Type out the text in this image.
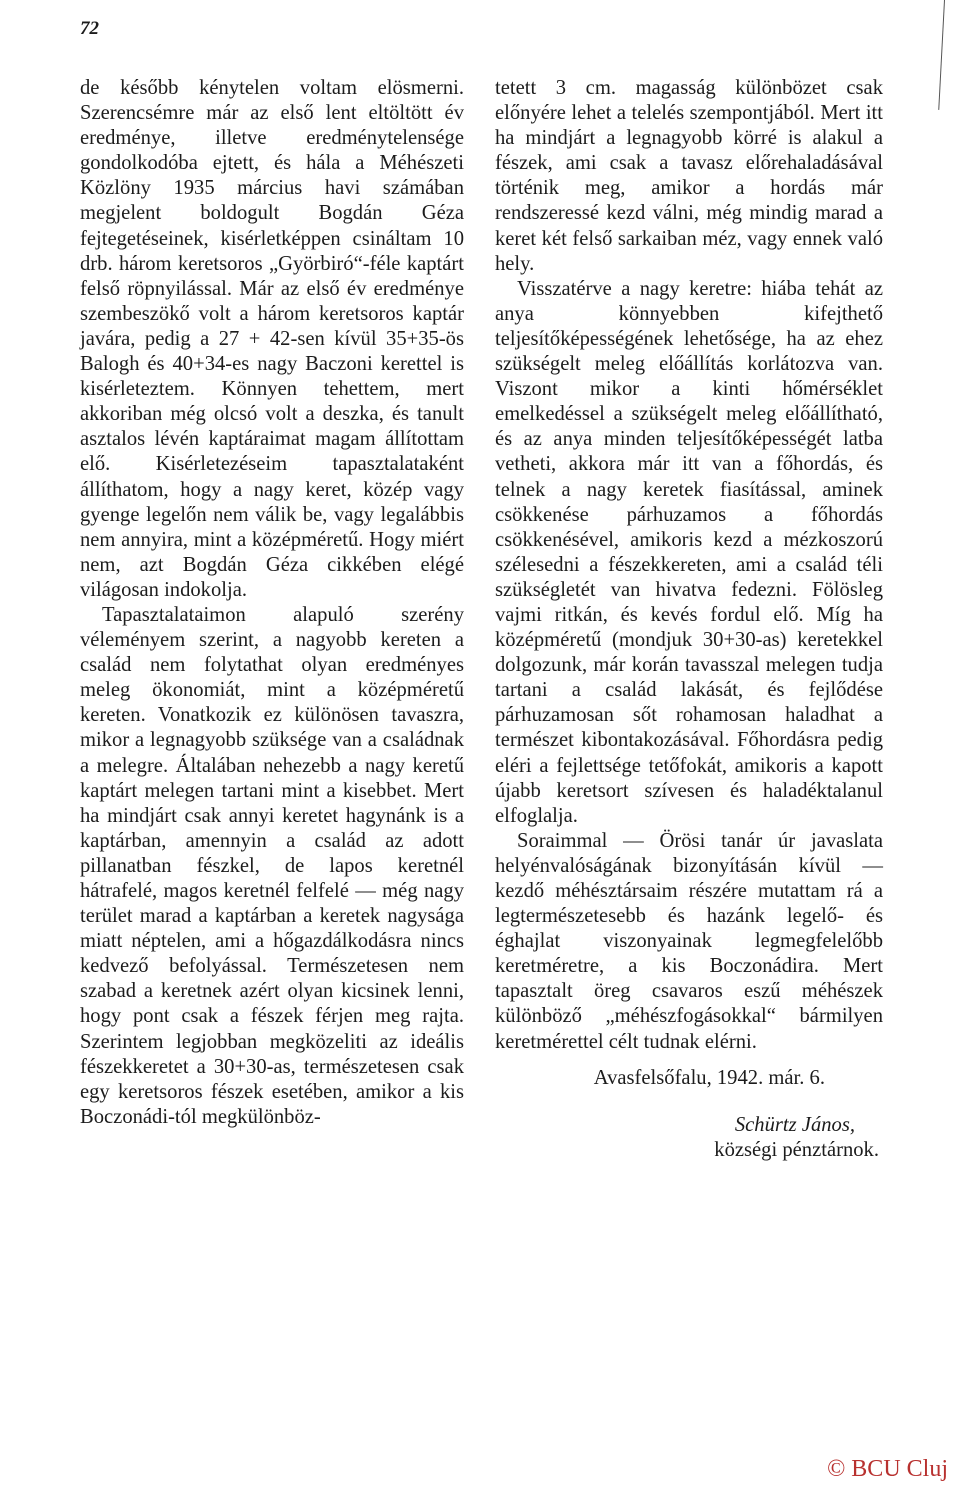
72

de később kénytelen voltam elösmerni. Szerencsémre már az első lent eltöltött év eredménye, illetve eredménytelensége gondolkodóba ejtett, és hála a Méhészeti Közlöny 1935 március havi számában megjelent boldogult Bogdán Géza fejtegetéseinek, kisérletképpen csináltam 10 drb. három keretsoros „Györbiró“-féle kaptárt felső röpnyilással. Már az első év eredménye szembeszökő volt a három keretsoros kaptár javára, pedig a 27 + 42-sen kívül 35+35-ös Balogh és 40+34-es nagy Baczoni kerettel is kisérleteztem. Könnyen tehettem, mert akkoriban még olcsó volt a deszka, és tanult asztalos lévén kaptáraimat magam állítottam elő. Kisérletezéseim tapasztalataként állíthatom, hogy a nagy keret, közép vagy gyenge legelőn nem válik be, vagy legalábbis nem annyira, mint a középméretű. Hogy miért nem, azt Bogdán Géza cikkében elégé világosan indokolja.

Tapasztalataimon alapuló szerény véleményem szerint, a nagyobb kereten a család nem folytathat olyan eredményes meleg ökonomiát, mint a középméretű kereten. Vonatkozik ez különösen tavaszra, mikor a legnagyobb szüksége van a családnak a melegre. Általában nehezebb a nagy keretű kaptárt melegen tartani mint a kisebbet. Mert ha mindjárt csak annyi keretet hagynánk is a kaptárban, amennyin a család az adott pillanatban fészkel, de lapos keretnél hátrafelé, magos keretnél felfelé — még nagy terület marad a kaptárban a keretek nagysága miatt néptelen, ami a hőgazdálkodásra nincs kedvező befolyással. Természetesen nem szabad a keretnek azért olyan kicsinek lenni, hogy pont csak a fészek férjen meg rajta. Szerintem legjobban megközeliti az ideális fészekkeretet a 30+30-as, természetesen csak egy keretsoros fészek esetében, amikor a kis Boczonádi-tól megkülönböz-

tetett 3 cm. magasság különbözet csak előnyére lehet a telelés szempontjából. Mert itt ha mindjárt a legnagyobb körré is alakul a fészek, ami csak a tavasz előrehaladásával történik meg, amikor a hordás már rendszeressé kezd válni, még mindig marad a keret két felső sarkaiban méz, vagy ennek való hely.

Visszatérve a nagy keretre: hiába tehát az anya könnyebben kifejthető teljesítőképességének lehetősége, ha az ehez szükségelt meleg előállítás korlátozva van. Viszont mikor a kinti hőmérséklet emelkedéssel a szükségelt meleg előállítható, és az anya minden teljesítőképességét latba vetheti, akkora már itt van a főhordás, és telnek a nagy keretek fiasítással, aminek csökkenése párhuzamos a főhordás csökkenésével, amikoris kezd a mézkoszorú szélesedni a fészekkereten, ami a család téli szükségletét van hivatva fedezni. Fölösleg vajmi ritkán, és kevés fordul elő. Míg ha középméretű (mondjuk 30+30-as) keretekkel dolgozunk, már korán tavasszal melegen tudja tartani a család lakását, és fejlődése párhuzamosan sőt rohamosan haladhat a természet kibontakozásával. Főhordásra pedig eléri a fejlettsége tetőfokát, amikoris a kapott újabb keretsort szívesen és haladéktalanul elfoglalja.

Soraimmal — Örösi tanár úr javaslata helyénvalóságának bizonyításán kívül — kezdő méhésztársaim részére mutattam rá a legtermészetesebb és hazánk legelő- és éghajlat viszonyainak legmegfelelőbb keretméretre, a kis Boczonádira. Mert tapasztalt öreg csavaros eszű méhészek különböző „méhészfogásokkal“ bármilyen keretmérettel célt tudnak elérni.

Avasfelsőfalu, 1942. már. 6.

Schürtz János,

községi pénztárnok.

© BCU Cluj
